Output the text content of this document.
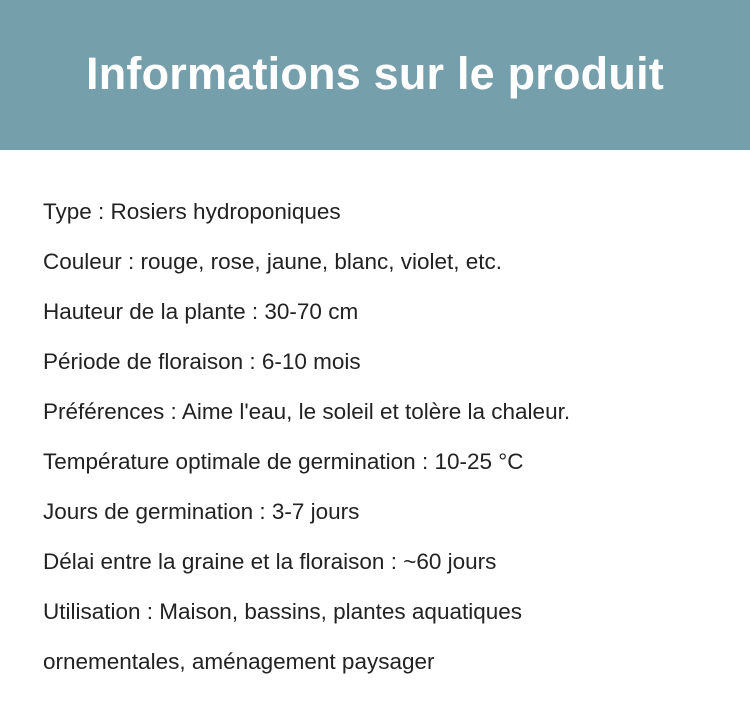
Informations sur le produit
Type : Rosiers hydroponiques
Couleur : rouge, rose, jaune, blanc, violet, etc.
Hauteur de la plante : 30-70 cm
Période de floraison : 6-10 mois
Préférences : Aime l'eau, le soleil et tolère la chaleur.
Température optimale de germination : 10-25 °C
Jours de germination : 3-7 jours
Délai entre la graine et la floraison : ~60 jours
Utilisation : Maison, bassins, plantes aquatiques
ornementales, aménagement paysager
